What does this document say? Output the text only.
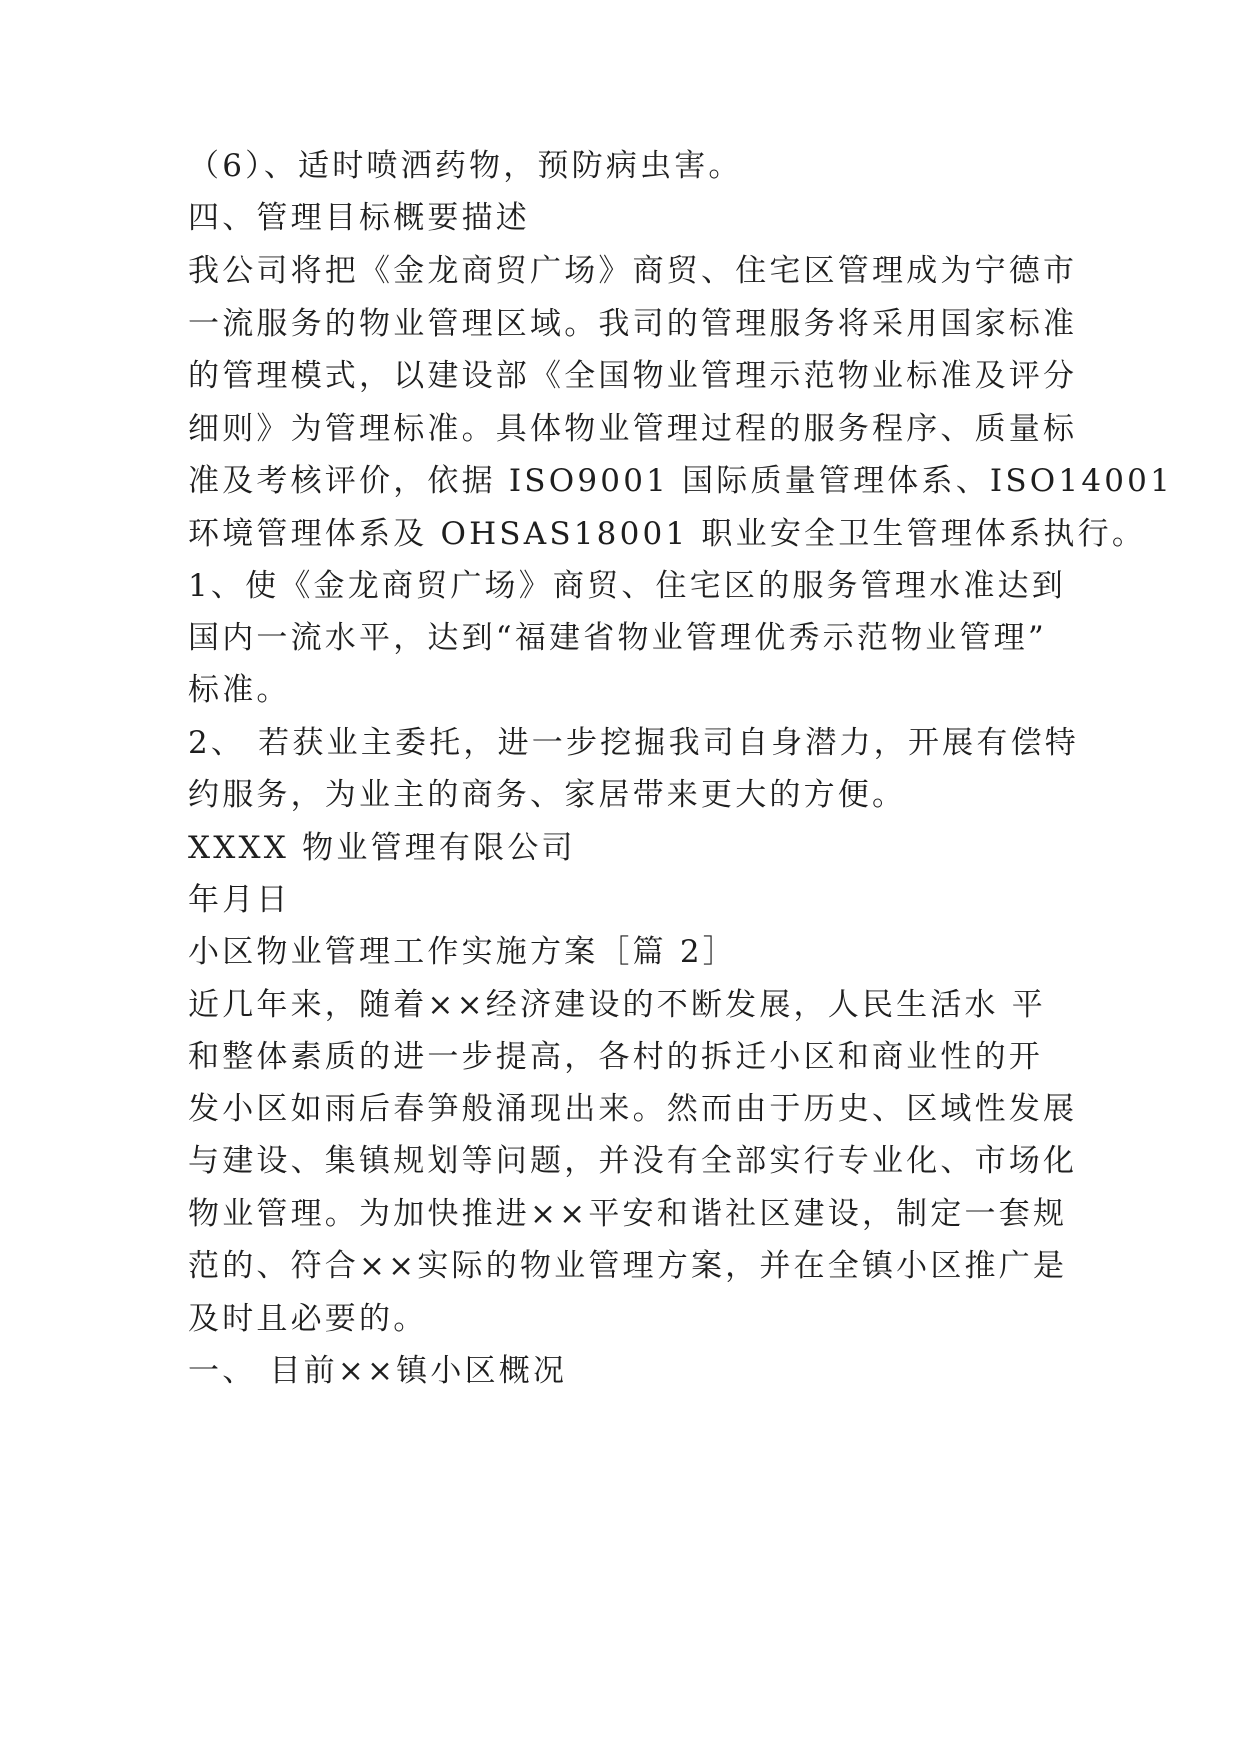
（6）、适时喷洒药物，预防病虫害。
四、管理目标概要描述
我公司将把《金龙商贸广场》商贸、住宅区管理成为宁德市
一流服务的物业管理区域。我司的管理服务将采用国家标准
的管理模式，以建设部《全国物业管理示范物业标准及评分
细则》为管理标准。具体物业管理过程的服务程序、质量标
准及考核评价，依据 ISO9001 国际质量管理体系、ISO14001
环境管理体系及 OHSAS18001 职业安全卫生管理体系执行。
1、使《金龙商贸广场》商贸、住宅区的服务管理水准达到
国内一流水平，达到“福建省物业管理优秀示范物业管理”
标准。
2、 若获业主委托，进一步挖掘我司自身潜力，开展有偿特
约服务，为业主的商务、家居带来更大的方便。
XXXX 物业管理有限公司
年月日
小区物业管理工作实施方案［篇 2］
近几年来，随着××经济建设的不断发展，人民生活水 平
和整体素质的进一步提高，各村的拆迁小区和商业性的开
发小区如雨后春笋般涌现出来。然而由于历史、区域性发展
与建设、集镇规划等问题，并没有全部实行专业化、市场化
物业管理。为加快推进××平安和谐社区建设，制定一套规
范的、符合××实际的物业管理方案，并在全镇小区推广是
及时且必要的。
一、 目前××镇小区概况
